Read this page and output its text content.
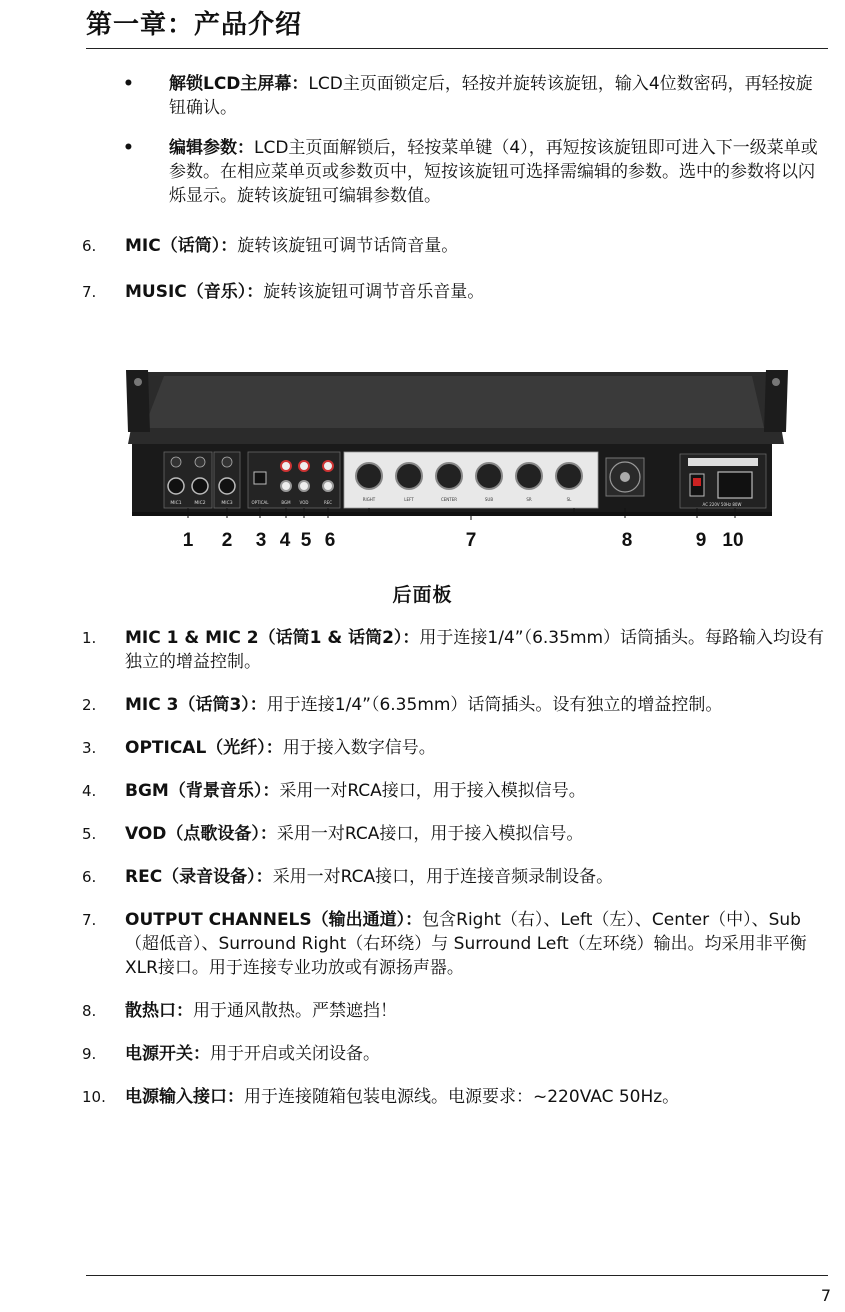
第一章：产品介绍
• 解锁LCD主屏幕：LCD主页面锁定后，轻按并旋转该旋钮，输入4位数密码，再轻按旋钮确认。
• 编辑参数：LCD主页面解锁后，轻按菜单键（4），再短按该旋钮即可进入下一级菜单或参数。在相应菜单页或参数页中，短按该旋钮可选择需编辑的参数。选中的参数将以闪烁显示。旋转该旋钮可编辑参数值。
6.	MIC（话筒）：旋转该旋钮可调节话筒音量。
7.	MUSIC（音乐）：旋转该旋钮可调节音乐音量。
MIC1	MIC2	MIC3	OPTICAL	BGM VOD	REC
RIGHT	LEFT	CENTER	SUB	SR	SL
AC 220V 50Hz 80W
1 2 3 4 5 6	7	8	9 10
后面板
1.	MIC 1 & MIC 2（话筒1 & 话筒2）：用于连接1/4”（6.35mm）话筒插头。每路输入均设有独立的增益控制。
2.	MIC 3（话筒3）：用于连接1/4”（6.35mm）话筒插头。设有独立的增益控制。
3.	OPTICAL（光纤）：用于接入数字信号。
4.	BGM（背景音乐）：采用一对RCA接口，用于接入模拟信号。
5.	VOD（点歌设备）：采用一对RCA接口，用于接入模拟信号。
6.	REC（录音设备）：采用一对RCA接口，用于连接音频录制设备。
7.	OUTPUT CHANNELS（输出通道）：包含Right（右）、Left（左）、Center（中）、Sub（超低音）、Surround Right（右环绕）与 Surround Left（左环绕）输出。均采用非平衡XLR接口。用于连接专业功放或有源扬声器。
8.	散热口：用于通风散热。严禁遮挡！
9.	电源开关：用于开启或关闭设备。
10.	电源输入接口：用于连接随箱包装电源线。电源要求：~220VAC 50Hz。
7
